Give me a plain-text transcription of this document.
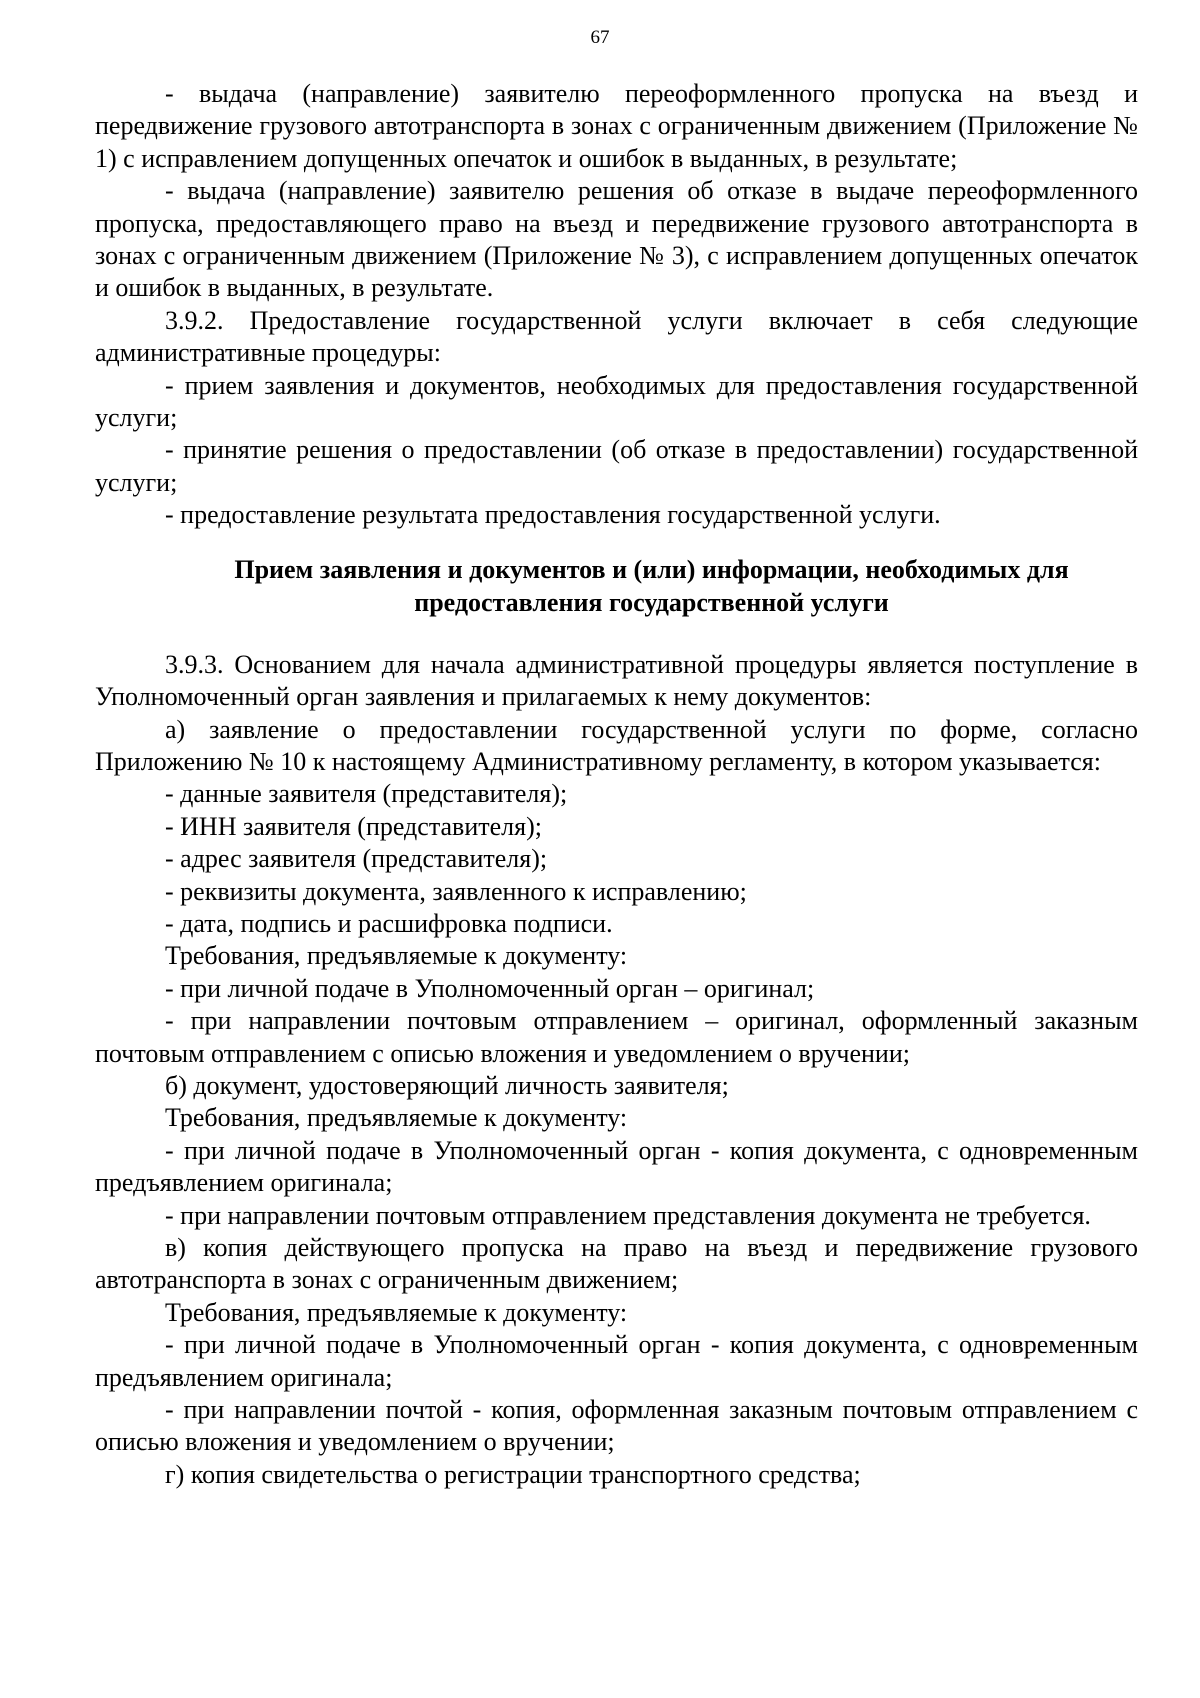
67

- выдача (направление) заявителю переоформленного пропуска на въезд и передвижение грузового автотранспорта в зонах с ограниченным движением (Приложение № 1) с исправлением допущенных опечаток и ошибок в выданных, в результате;

- выдача (направление) заявителю решения об отказе в выдаче переоформленного пропуска, предоставляющего право на въезд и передвижение грузового автотранспорта в зонах с ограниченным движением (Приложение № 3), с исправлением допущенных опечаток и ошибок в выданных, в результате.

3.9.2. Предоставление государственной услуги включает в себя следующие административные процедуры:

- прием заявления и документов, необходимых для предоставления государственной услуги;

- принятие решения о предоставлении (об отказе в предоставлении) государственной услуги;

- предоставление результата предоставления государственной услуги.

Прием заявления и документов и (или) информации, необходимых для предоставления государственной услуги

3.9.3. Основанием для начала административной процедуры является поступление в Уполномоченный орган заявления и прилагаемых к нему документов:

а) заявление о предоставлении государственной услуги по форме, согласно Приложению № 10 к настоящему Административному регламенту, в котором указывается:

- данные заявителя (представителя);

- ИНН заявителя (представителя);

- адрес заявителя (представителя);

- реквизиты документа, заявленного к исправлению;

- дата, подпись и расшифровка подписи.

Требования, предъявляемые к документу:

- при личной подаче в Уполномоченный орган – оригинал;

- при направлении почтовым отправлением – оригинал, оформленный заказным почтовым отправлением с описью вложения и уведомлением о вручении;

б) документ, удостоверяющий личность заявителя;

Требования, предъявляемые к документу:

- при личной подаче в Уполномоченный орган - копия документа, с одновременным предъявлением оригинала;

- при направлении почтовым отправлением представления документа не требуется.

в) копия действующего пропуска на право на въезд и передвижение грузового автотранспорта в зонах с ограниченным движением;

Требования, предъявляемые к документу:

- при личной подаче в Уполномоченный орган - копия документа, с одновременным предъявлением оригинала;

- при направлении почтой - копия, оформленная заказным почтовым отправлением с описью вложения и уведомлением о вручении;

г) копия свидетельства о регистрации транспортного средства;
